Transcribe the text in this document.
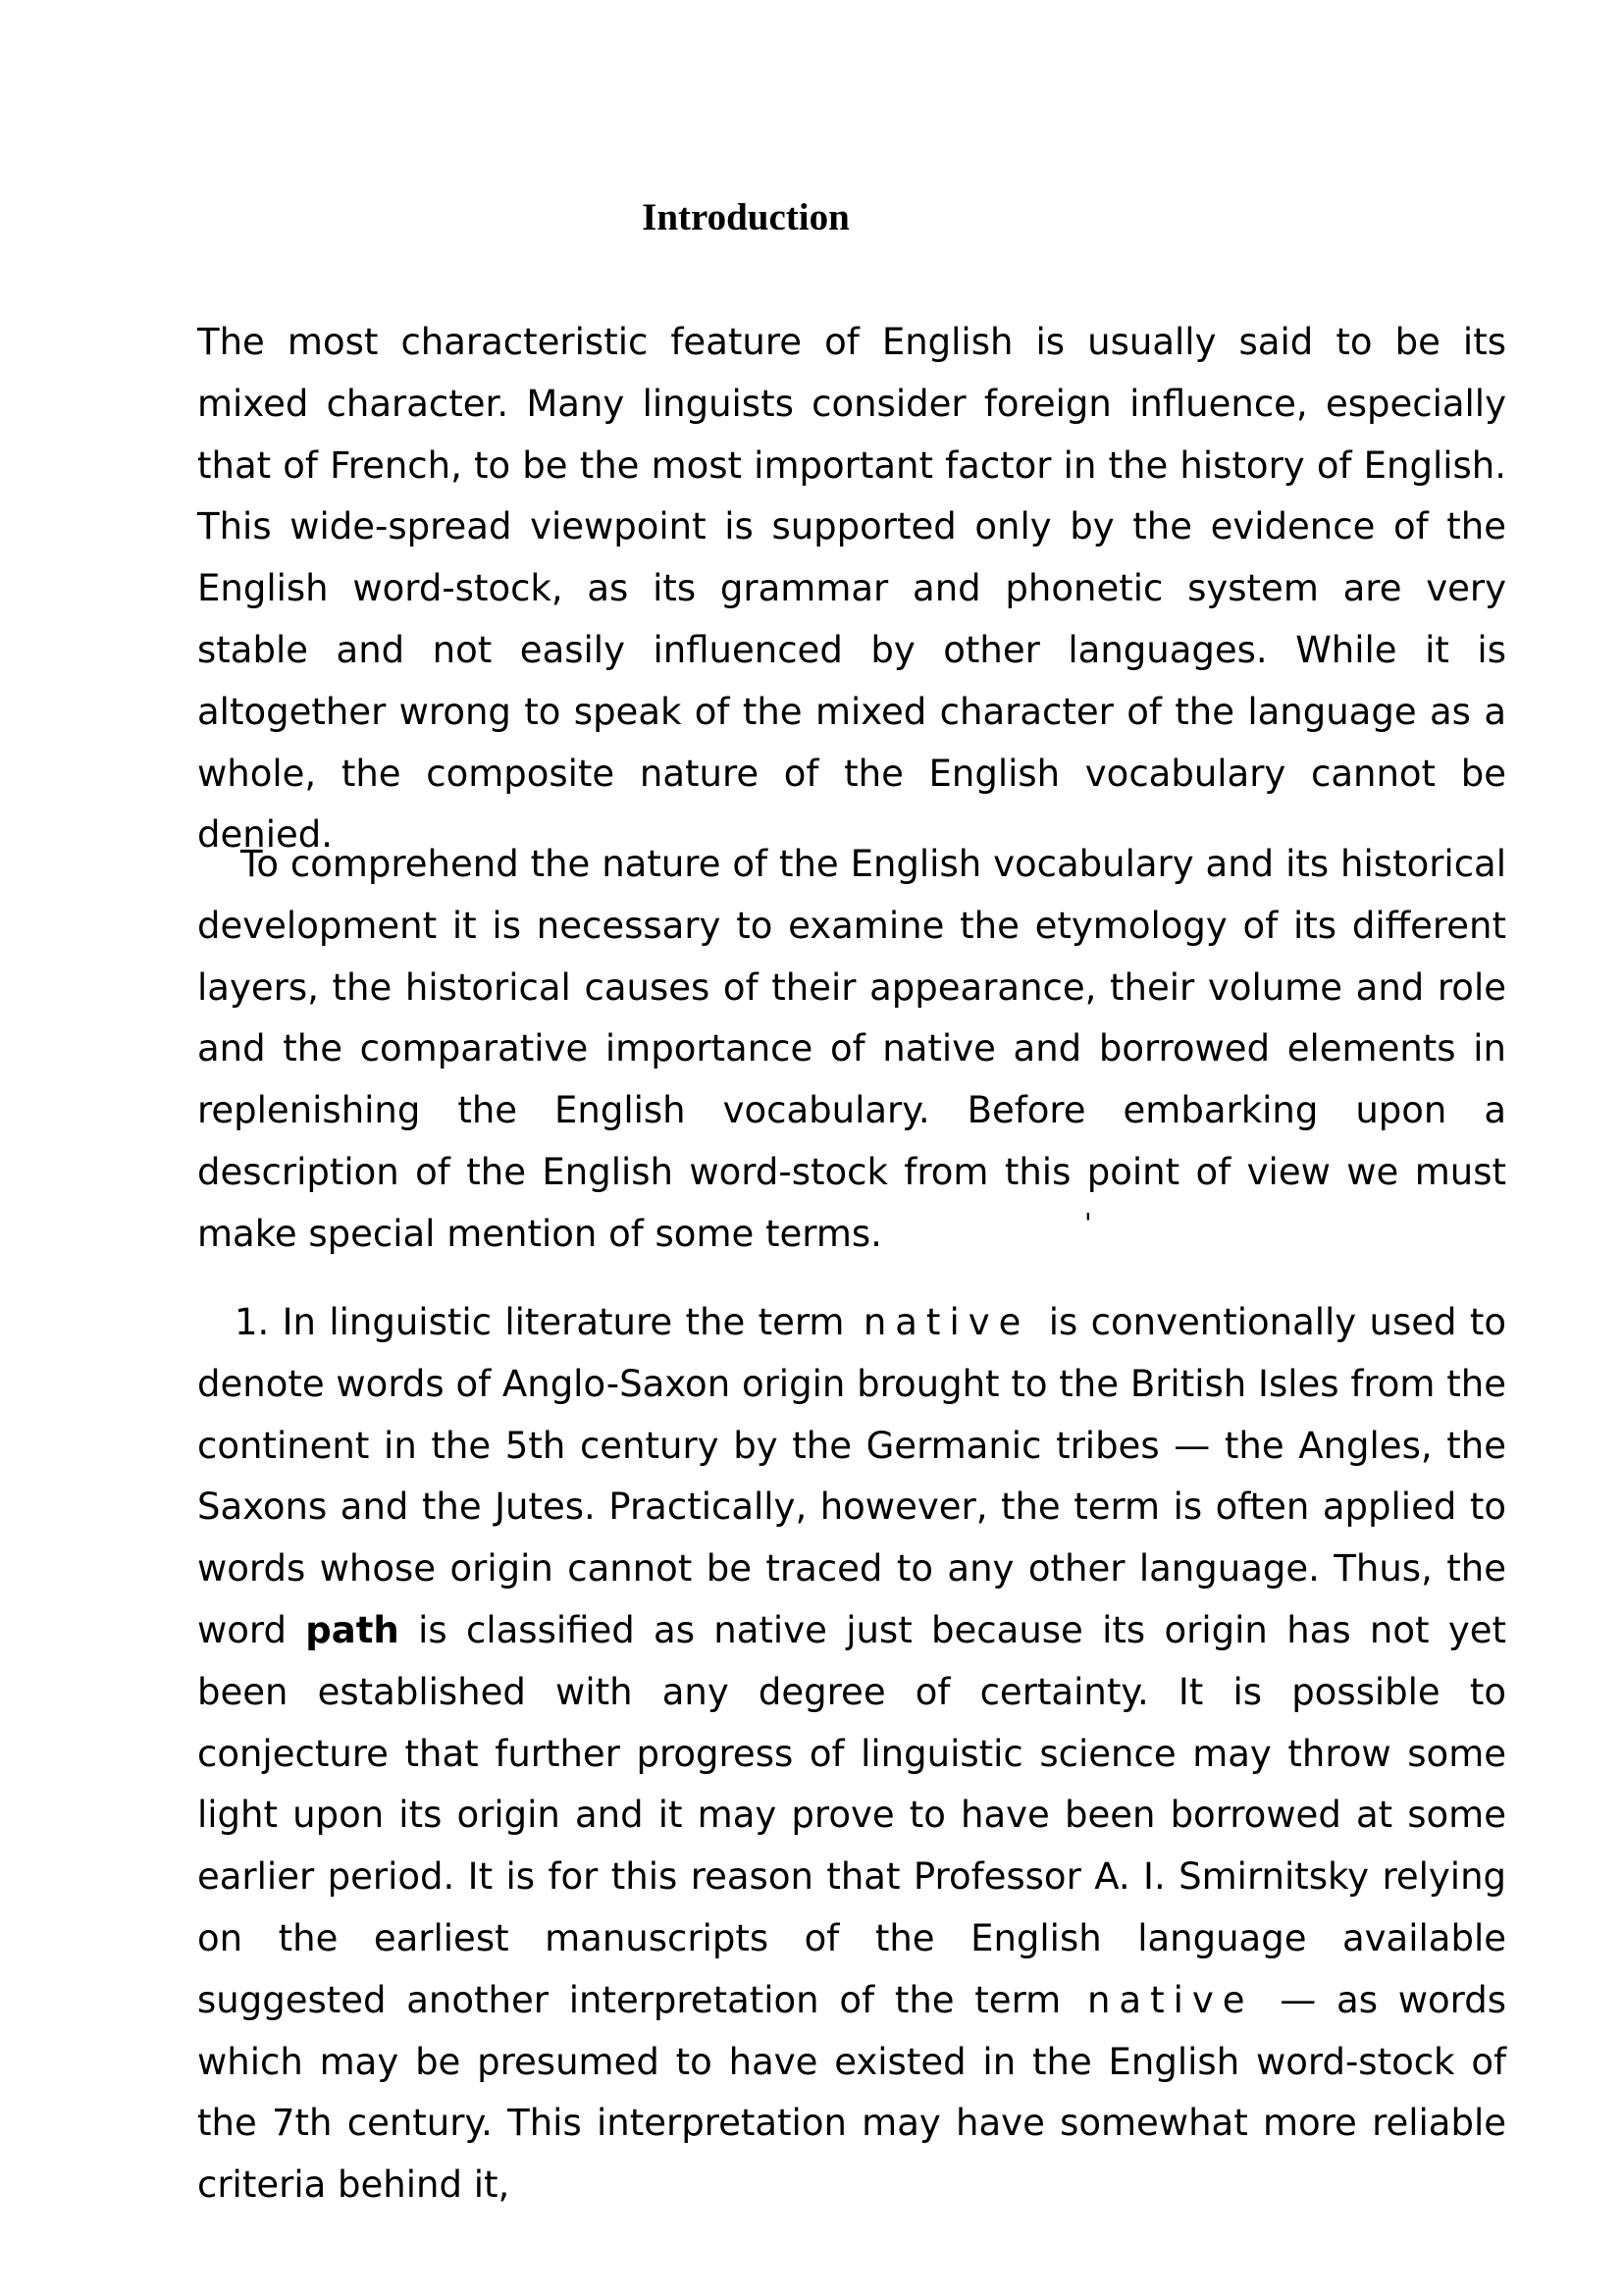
Introduction

The most characteristic feature of English is usually said to be its mixed character. Many linguists consider foreign influence, especially that of French, to be the most important factor in the history of English. This wide-spread viewpoint is supported only by the evidence of the English word-stock, as its grammar and phonetic system are very stable and not easily influenced by other languages. While it is altogether wrong to speak of the mixed character of the language as a whole, the composite nature of the English vocabulary cannot be denied.

To comprehend the nature of the English vocabulary and its historical development it is necessary to examine the etymology of its different layers, the historical causes of their appearance, their volume and role and the comparative importance of native and borrowed elements in replenishing the English vocabulary. Before embarking upon a description of the English word-stock from this point of view we must make special mention of some terms.	'

1. In linguistic literature the term native is conventionally used to denote words of Anglo-Saxon origin brought to the British Isles from the continent in the 5th century by the Germanic tribes — the Angles, the Saxons and the Jutes. Practically, however, the term is often applied to words whose origin cannot be traced to any other language. Thus, the word path is classified as native just because its origin has not yet been established with any degree of certainty. It is possible to conjecture that further progress of linguistic science may throw some light upon its origin and it may prove to have been borrowed at some earlier period. It is for this reason that Professor A. I. Smirnitsky relying on the earliest manuscripts of the English language available suggested another interpretation of the term native — as words which may be presumed to have existed in the English word-stock of the 7th century. This interpretation may have somewhat more reliable criteria behind it,
